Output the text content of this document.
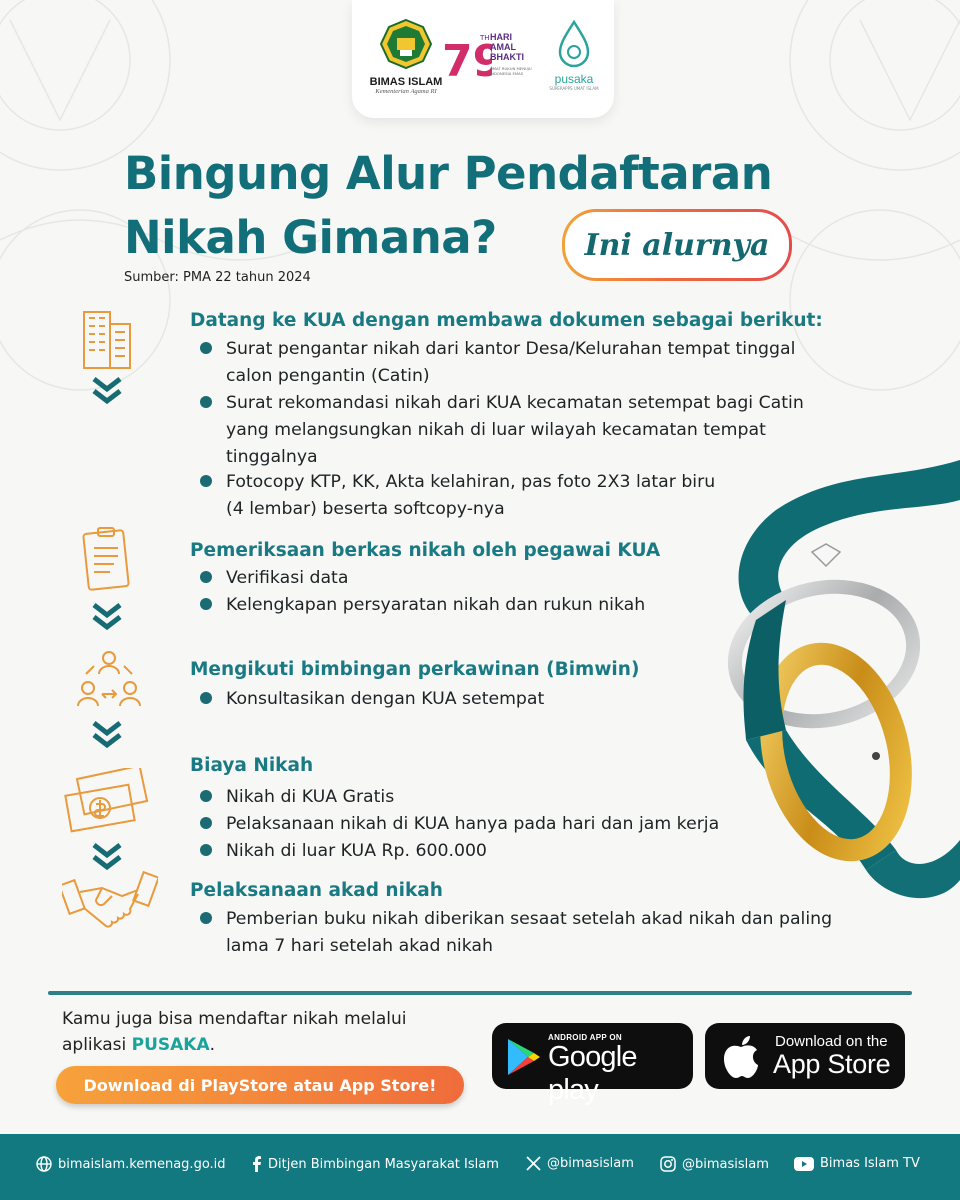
BIMAS ISLAM
Kementerian Agama RI
79
TH HARI AMAL BHAKTI
UMAT RUKUN MENUJU INDONESIA EMAS	pusaka
SUPERAPPS UMAT ISLAM
Bingung Alur Pendaftaran
Nikah Gimana?	Ini alurnya
Sumber: PMA 22 tahun 2024
Datang ke KUA dengan membawa dokumen sebagai berikut:
Surat pengantar nikah dari kantor Desa/Kelurahan tempat tinggal calon pengantin (Catin)
Surat rekomandasi nikah dari KUA kecamatan setempat bagi Catin yang melangsungkan nikah di luar wilayah kecamatan tempat tinggalnya
Fotocopy KTP, KK, Akta kelahiran, pas foto 2X3 latar biru (4 lembar) beserta softcopy-nya
Pemeriksaan berkas nikah oleh pegawai KUA
Verifikasi data
Kelengkapan persyaratan nikah dan rukun nikah
Mengikuti bimbingan perkawinan (Bimwin)
Konsultasikan dengan KUA setempat
Biaya Nikah
Nikah di KUA Gratis
Pelaksanaan nikah di KUA hanya pada hari dan jam kerja
Nikah di luar KUA Rp. 600.000
Pelaksanaan akad nikah
Pemberian buku nikah diberikan sesaat setelah akad nikah dan paling lama 7 hari setelah akad nikah
Kamu juga bisa mendaftar nikah melalui
aplikasi PUSAKA.
Download di PlayStore atau App Store!
ANDROID APP ON
Google play
Download on the
App Store
bimaislam.kemenag.go.id	Ditjen Bimbingan Masyarakat Islam	@bimasislam	@bimasislam	Bimas Islam TV
